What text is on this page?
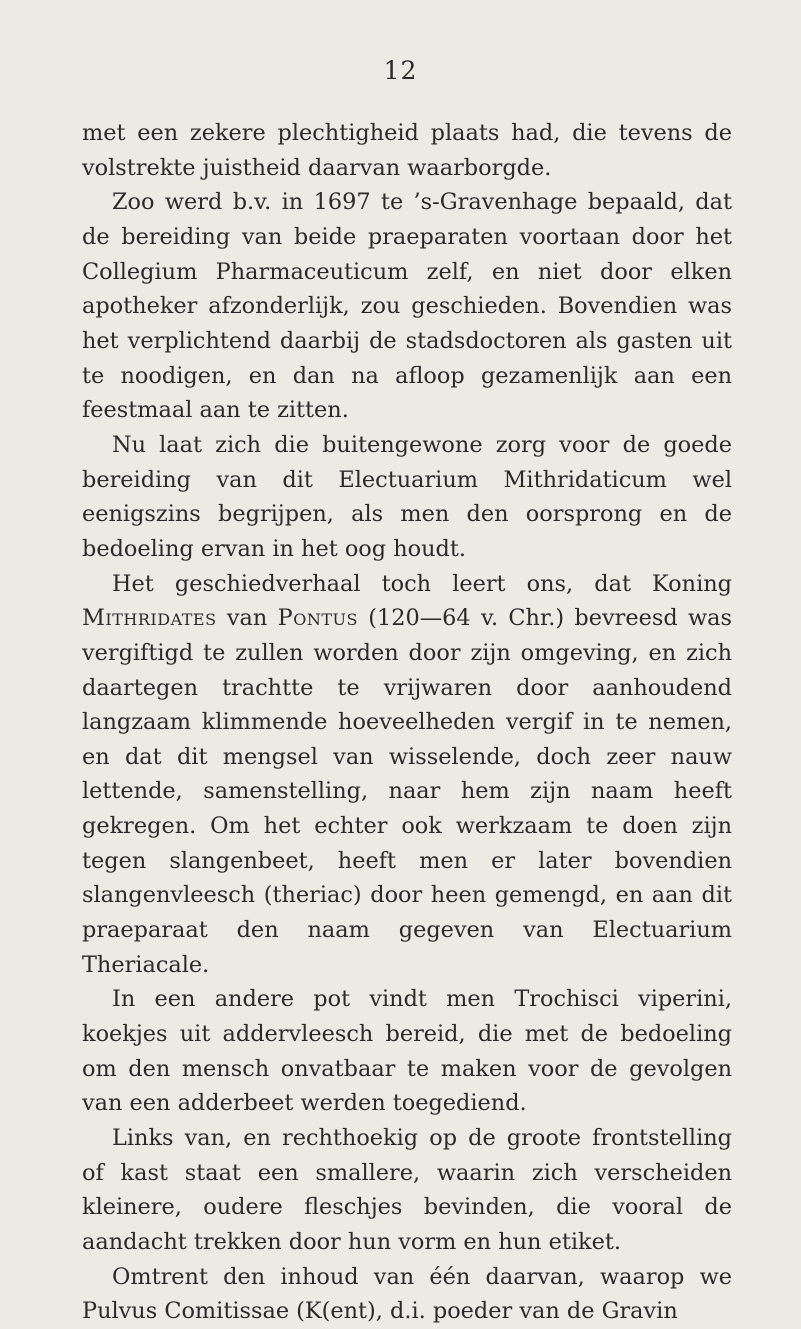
12

met een zekere plechtigheid plaats had, die tevens de volstrekte juistheid daarvan waarborgde.

Zoo werd b.v. in 1697 te ’s-Gravenhage bepaald, dat de bereiding van beide praeparaten voortaan door het Collegium Pharmaceuticum zelf, en niet door elken apotheker afzonderlijk, zou geschieden. Bovendien was het verplichtend daarbij de stadsdoctoren als gasten uit te noodigen, en dan na afloop gezamenlijk aan een feestmaal aan te zitten.

Nu laat zich die buitengewone zorg voor de goede bereiding van dit Electuarium Mithridaticum wel eenigszins begrijpen, als men den oorsprong en de bedoeling ervan in het oog houdt.

Het geschiedverhaal toch leert ons, dat Koning Mithridates van Pontus (120—64 v. Chr.) bevreesd was vergiftigd te zullen worden door zijn omgeving, en zich daartegen trachtte te vrijwaren door aanhoudend langzaam klimmende hoeveelheden vergif in te nemen, en dat dit mengsel van wisselende, doch zeer nauw lettende, samenstelling, naar hem zijn naam heeft gekregen. Om het echter ook werkzaam te doen zijn tegen slangenbeet, heeft men er later bovendien slangenvleesch (theriac) door heen gemengd, en aan dit praeparaat den naam gegeven van Electuarium Theriacale.

In een andere pot vindt men Trochisci viperini, koekjes uit addervleesch bereid, die met de bedoeling om den mensch onvatbaar te maken voor de gevolgen van een adderbeet werden toegediend.

Links van, en rechthoekig op de groote frontstelling of kast staat een smallere, waarin zich verscheiden kleinere, oudere fleschjes bevinden, die vooral de aandacht trekken door hun vorm en hun etiket.

Omtrent den inhoud van één daarvan, waarop we Pulvus Comitissae (K(ent), d.i. poeder van de Gravin
